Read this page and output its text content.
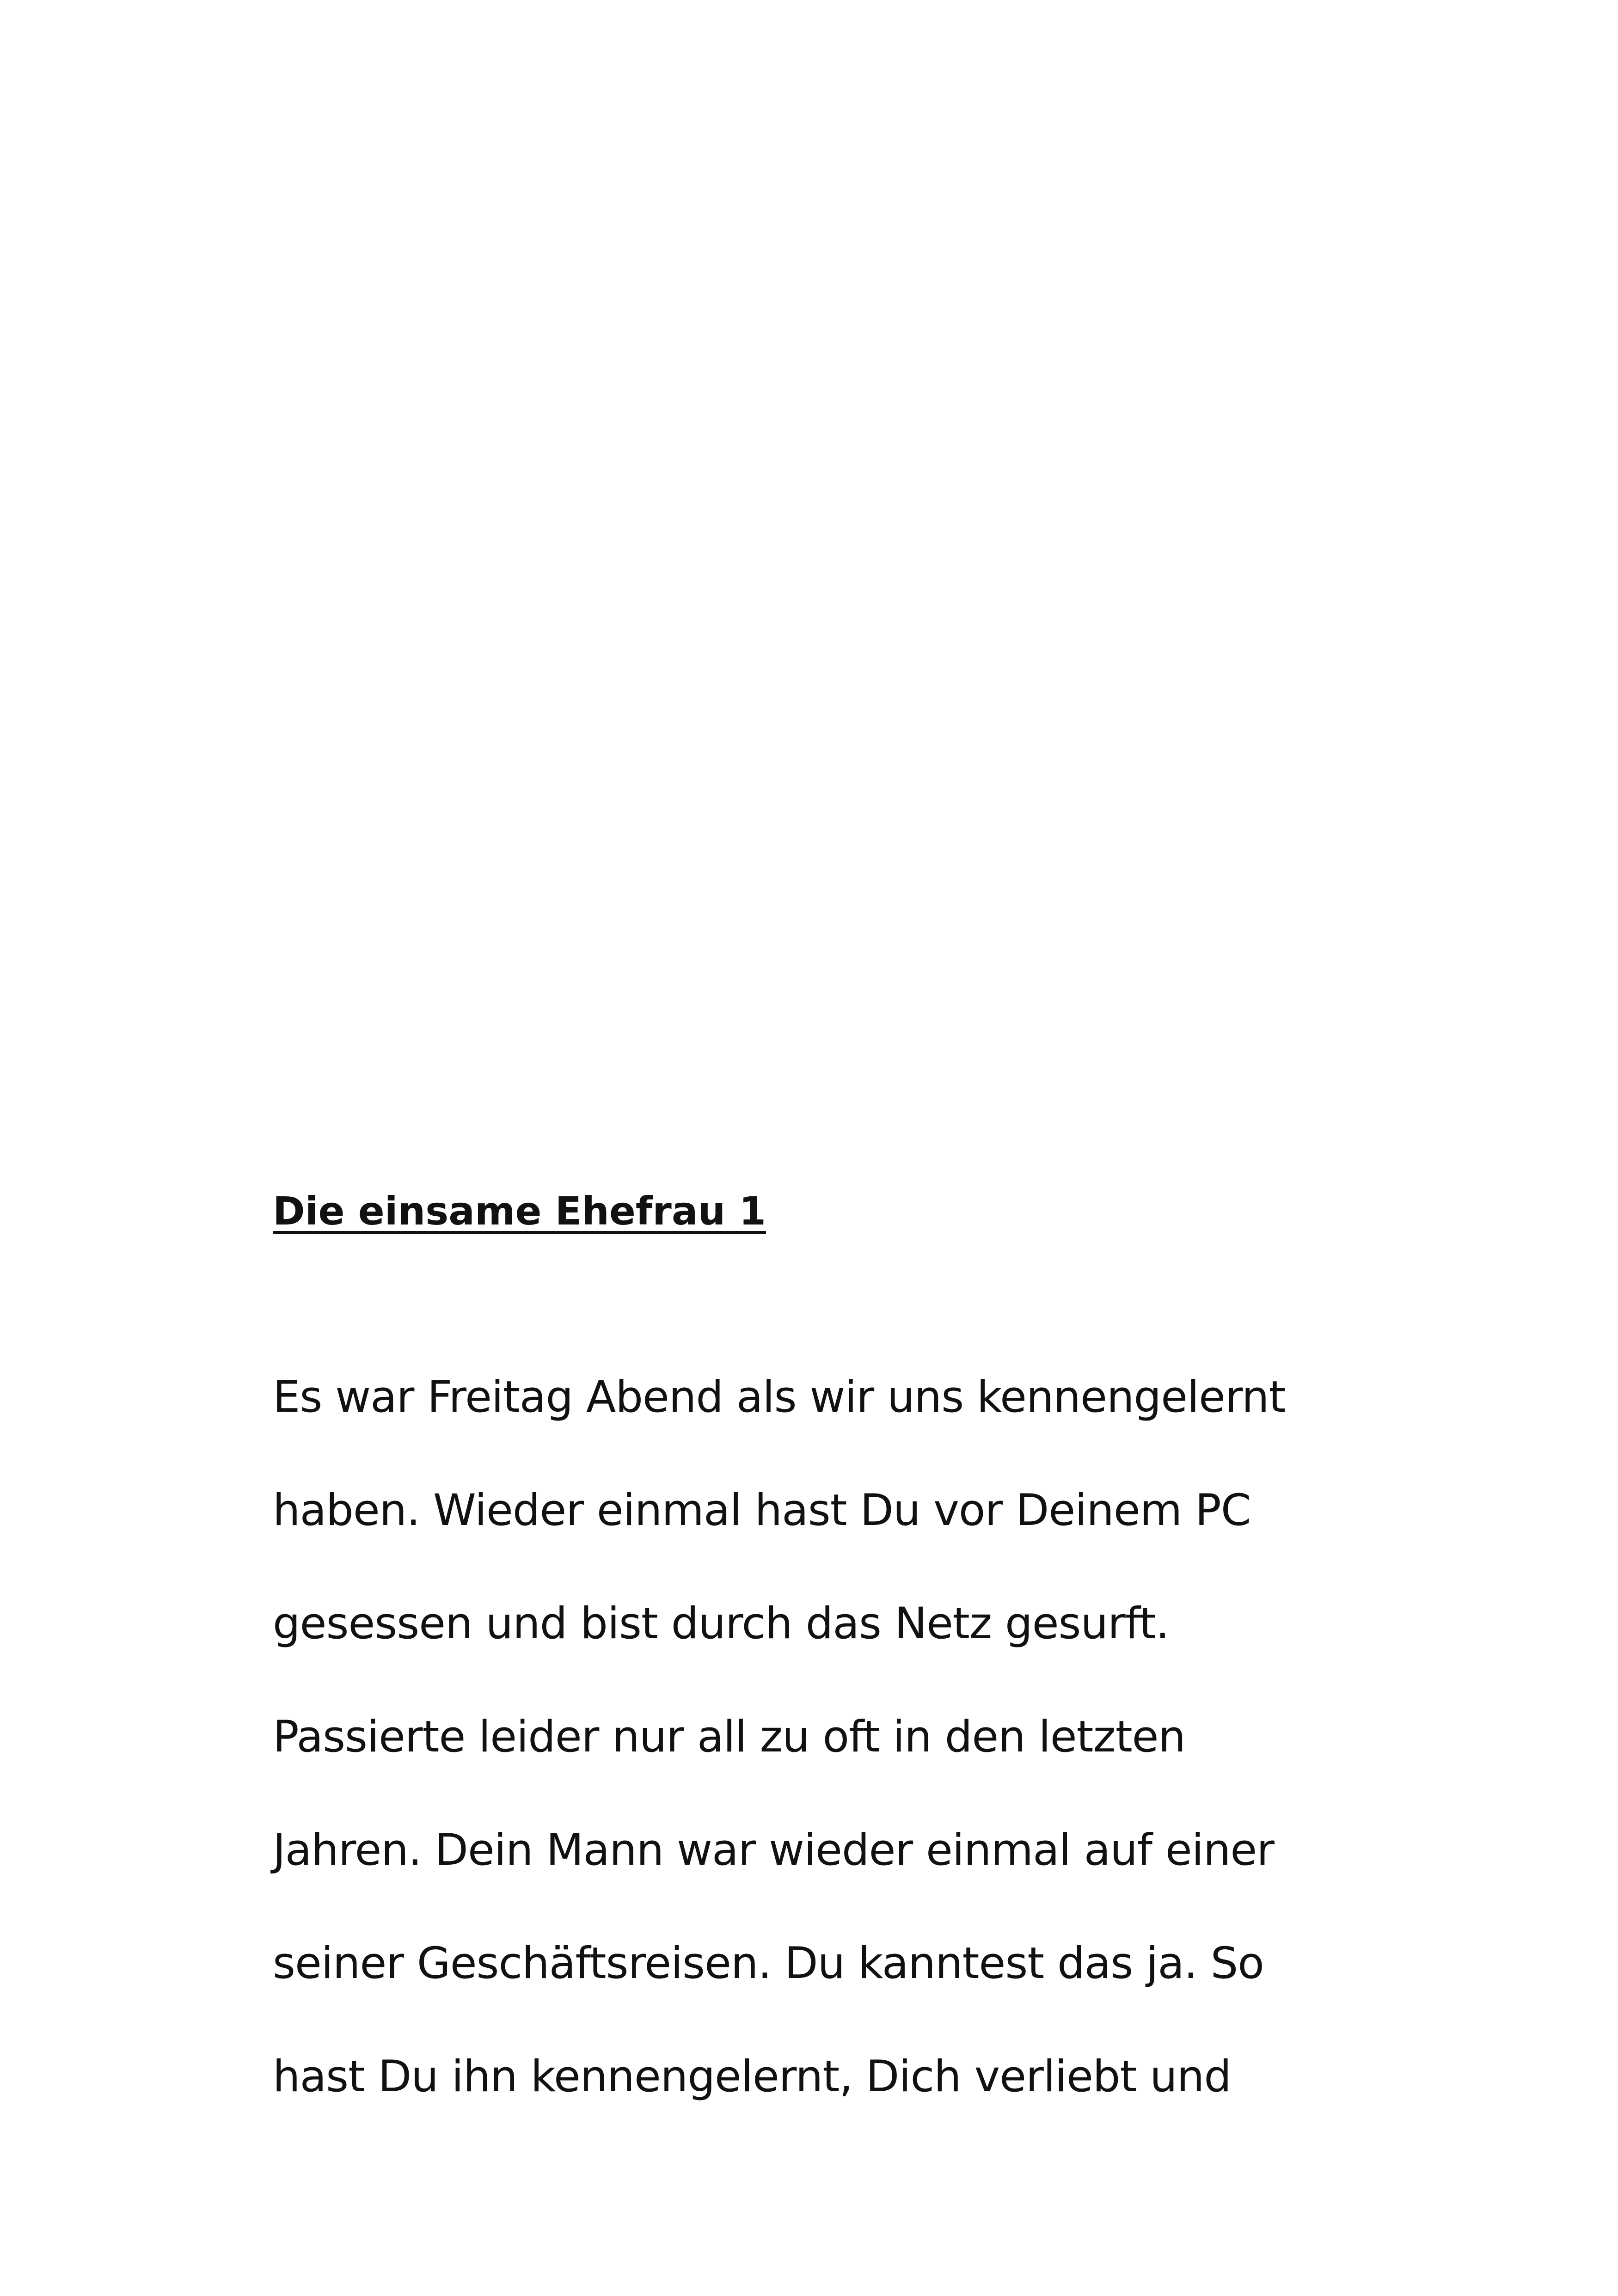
Die einsame Ehefrau 1
Es war Freitag Abend als wir uns kennengelernt
haben. Wieder einmal hast Du vor Deinem PC
gesessen und bist durch das Netz gesurft.
Passierte leider nur all zu oft in den letzten
Jahren. Dein Mann war wieder einmal auf einer
seiner Geschäftsreisen. Du kanntest das ja. So
hast Du ihn kennengelernt, Dich verliebt und
